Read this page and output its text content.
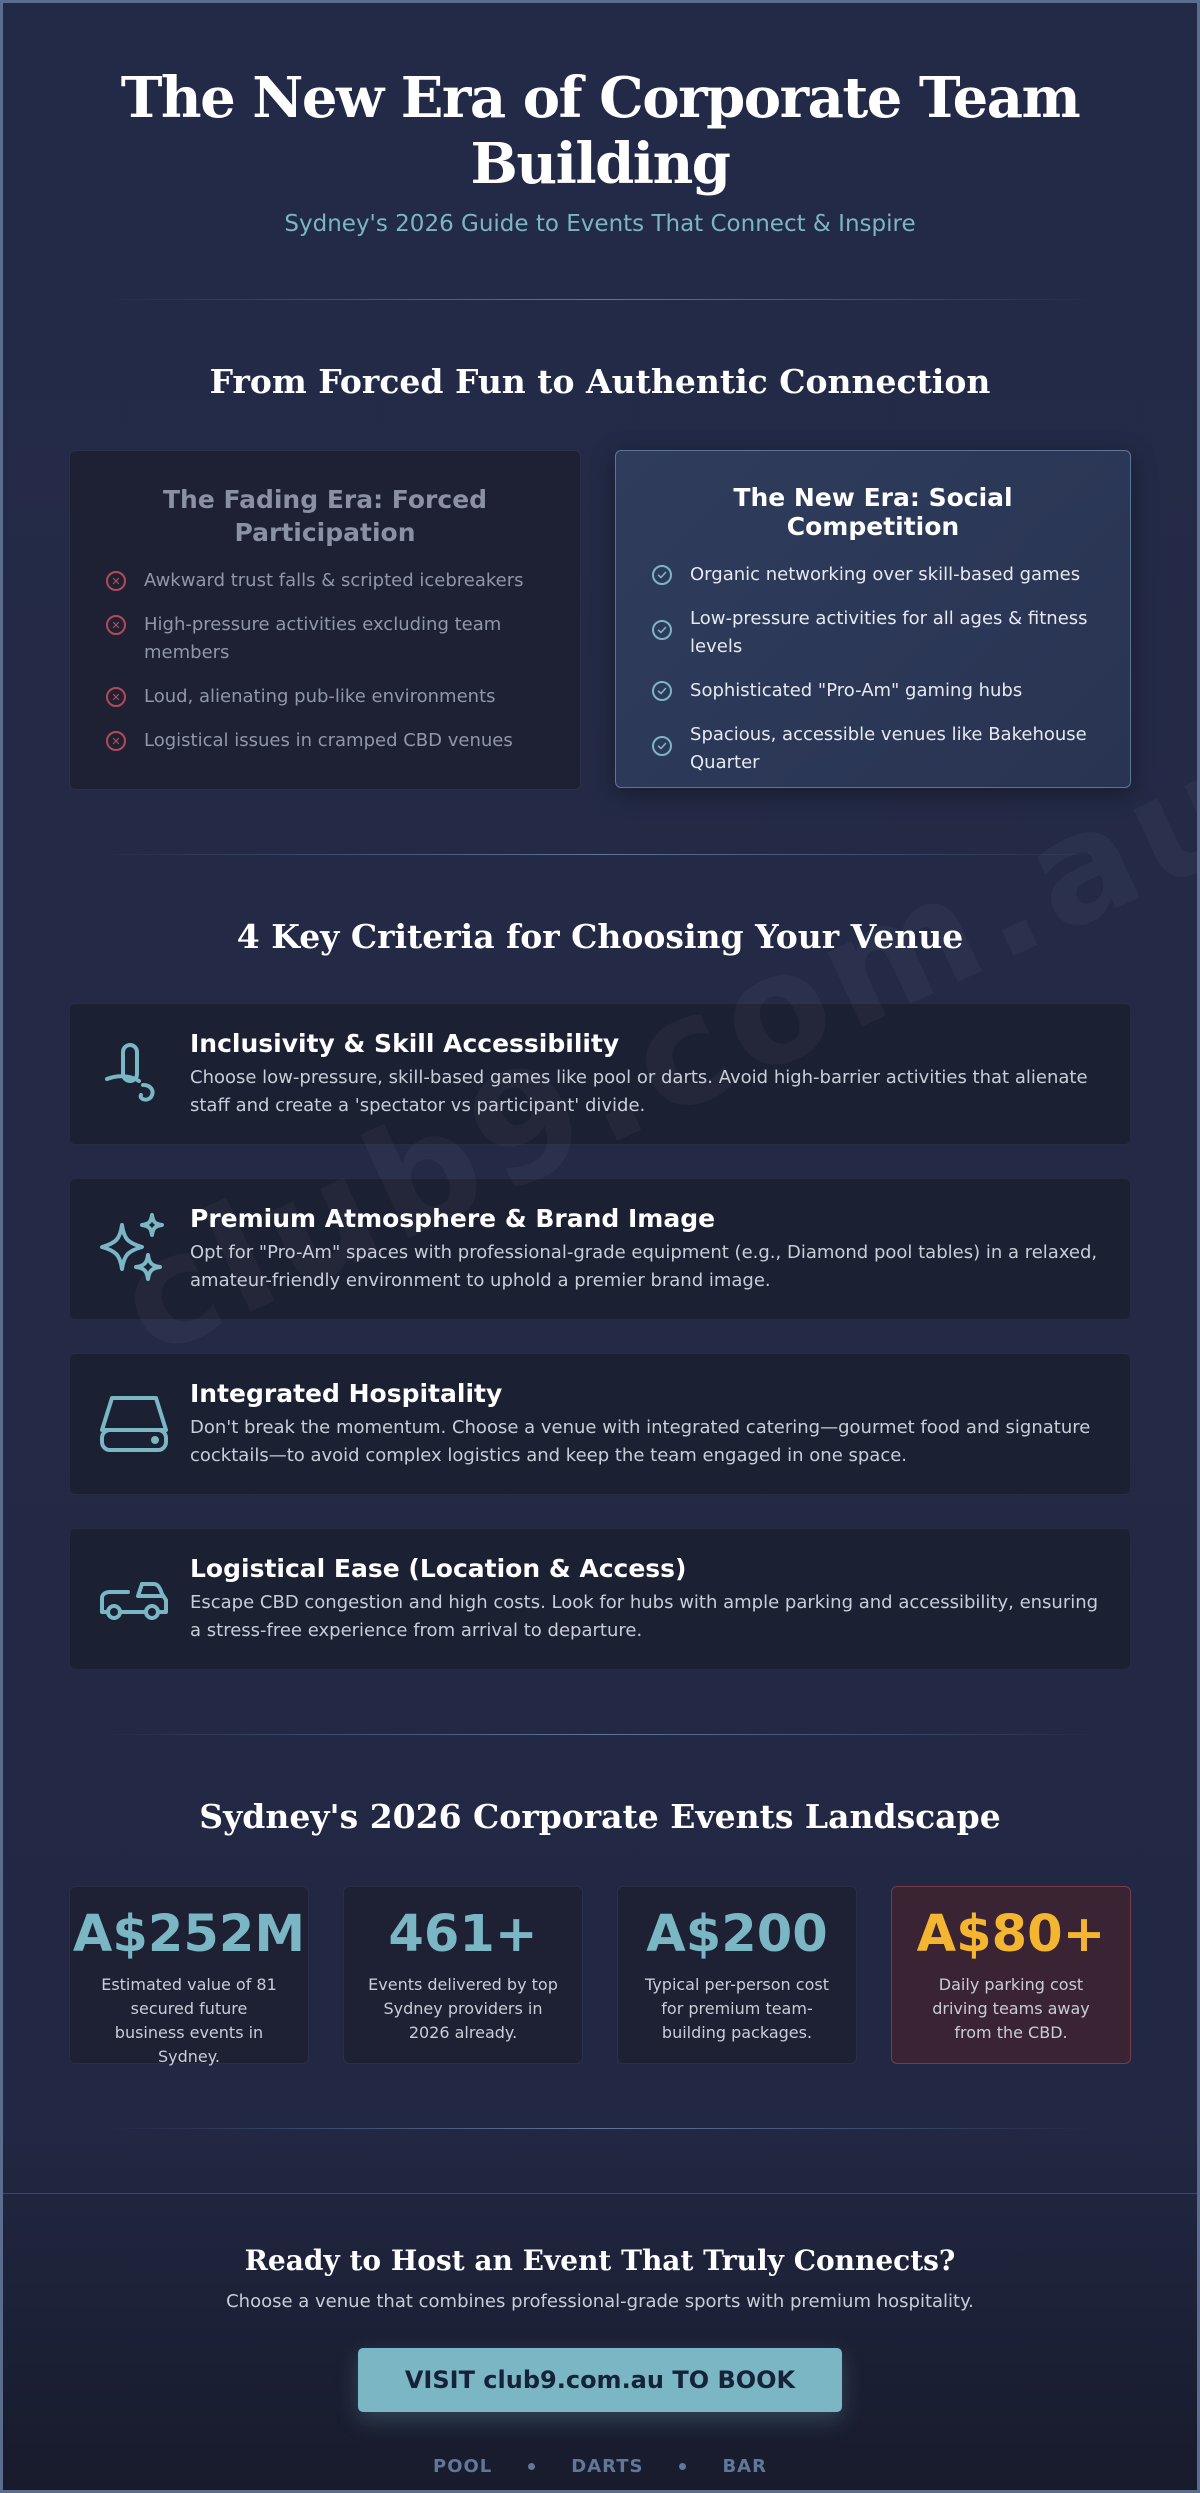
The New Era of Corporate Team Building

Sydney's 2026 Guide to Events That Connect & Inspire

From Forced Fun to Authentic Connection
The Fading Era: Forced Participation
✕ Awkward trust falls & scripted icebreakers
✕ High-pressure activities excluding team members
✕ Loud, alienating pub-like environments
✕ Logistical issues in cramped CBD venues
The New Era: Social Competition
Organic networking over skill-based games
Low-pressure activities for all ages & fitness levels
Sophisticated "Pro-Am" gaming hubs
Spacious, accessible venues like Bakehouse Quarter
4 Key Criteria for Choosing Your Venue
Inclusivity & Skill Accessibility
Choose low-pressure, skill-based games like pool or darts. Avoid high-barrier activities that alienate staff and create a 'spectator vs participant' divide.
Premium Atmosphere & Brand Image
Opt for "Pro-Am" spaces with professional-grade equipment (e.g., Diamond pool tables) in a relaxed, amateur-friendly environment to uphold a premier brand image.
Integrated Hospitality
Don't break the momentum. Choose a venue with integrated catering—gourmet food and signature cocktails—to avoid complex logistics and keep the team engaged in one space.
Logistical Ease (Location & Access)
Escape CBD congestion and high costs. Look for hubs with ample parking and accessibility, ensuring a stress-free experience from arrival to departure.
Sydney's 2026 Corporate Events Landscape
A$252M
Estimated value of 81 secured future business events in Sydney.
461+
Events delivered by top Sydney providers in 2026 already.
A$200
Typical per-person cost for premium team-building packages.
A$80+
Daily parking cost driving teams away from the CBD.
Ready to Host an Event That Truly Connects?

Choose a venue that combines professional-grade sports with premium hospitality.

VISIT club9.com.au TO BOOK
POOL	DARTS	BAR
